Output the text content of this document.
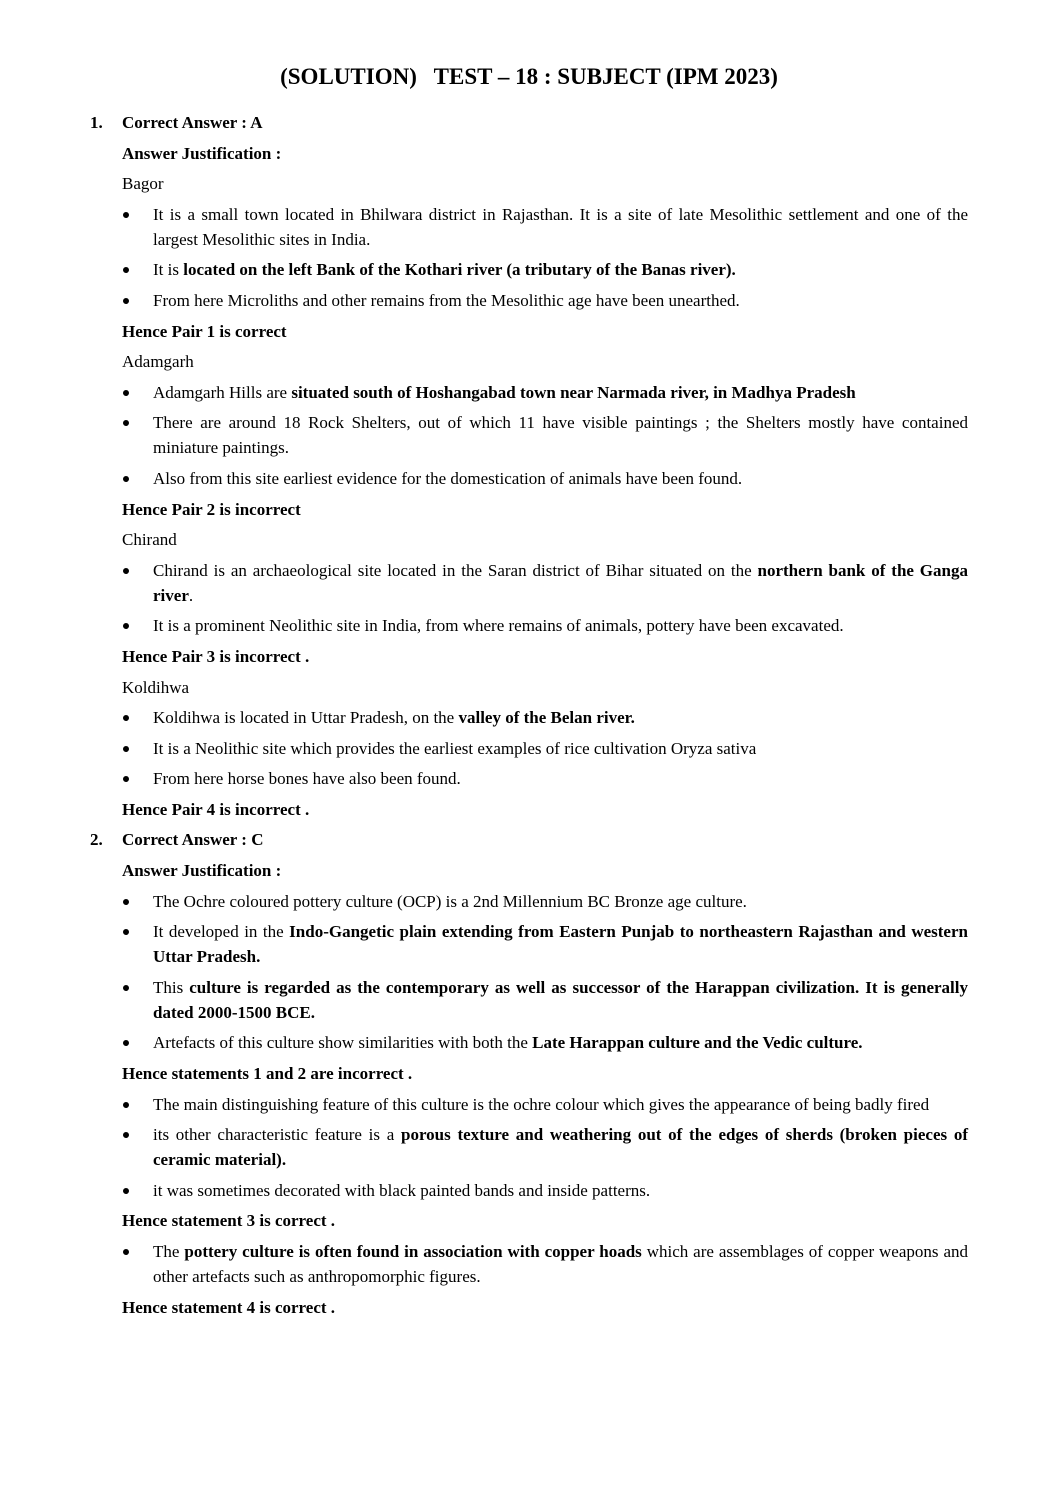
(SOLUTION)   TEST – 18 : SUBJECT (IPM 2023)
1. Correct Answer : A
Answer Justification :
Bagor
It is a small town located in Bhilwara district in Rajasthan. It is a site of late Mesolithic settlement and one of the largest Mesolithic sites in India.
It is located on the left Bank of the Kothari river (a tributary of the Banas river).
From here Microliths and other remains from the Mesolithic age have been unearthed.
Hence Pair 1 is correct
Adamgarh
Adamgarh Hills are situated south of Hoshangabad town near Narmada river, in Madhya Pradesh
There are around 18 Rock Shelters, out of which 11 have visible paintings ; the Shelters mostly have contained miniature paintings.
Also from this site earliest evidence for the domestication of animals have been found.
Hence Pair 2 is incorrect
Chirand
Chirand is an archaeological site located in the Saran district of Bihar situated on the northern bank of the Ganga river.
It is a prominent Neolithic site in India, from where remains of animals, pottery have been excavated.
Hence Pair 3 is incorrect .
Koldihwa
Koldihwa is located in Uttar Pradesh, on the valley of the Belan river.
It is a Neolithic site which provides the earliest examples of rice cultivation Oryza sativa
From here horse bones have also been found.
Hence Pair 4 is incorrect .
2. Correct Answer : C
Answer Justification :
The Ochre coloured pottery culture (OCP) is a 2nd Millennium BC Bronze age culture.
It developed in the Indo-Gangetic plain extending from Eastern Punjab to northeastern Rajasthan and western Uttar Pradesh.
This culture is regarded as the contemporary as well as successor of the Harappan civilization. It is generally dated 2000-1500 BCE.
Artefacts of this culture show similarities with both the Late Harappan culture and the Vedic culture.
Hence statements 1 and 2 are incorrect .
The main distinguishing feature of this culture is the ochre colour which gives the appearance of being badly fired
its other characteristic feature is a porous texture and weathering out of the edges of sherds (broken pieces of ceramic material).
it was sometimes decorated with black painted bands and inside patterns.
Hence statement 3 is correct .
The pottery culture is often found in association with copper hoads which are assemblages of copper weapons and other artefacts such as anthropomorphic figures.
Hence statement 4 is correct .
